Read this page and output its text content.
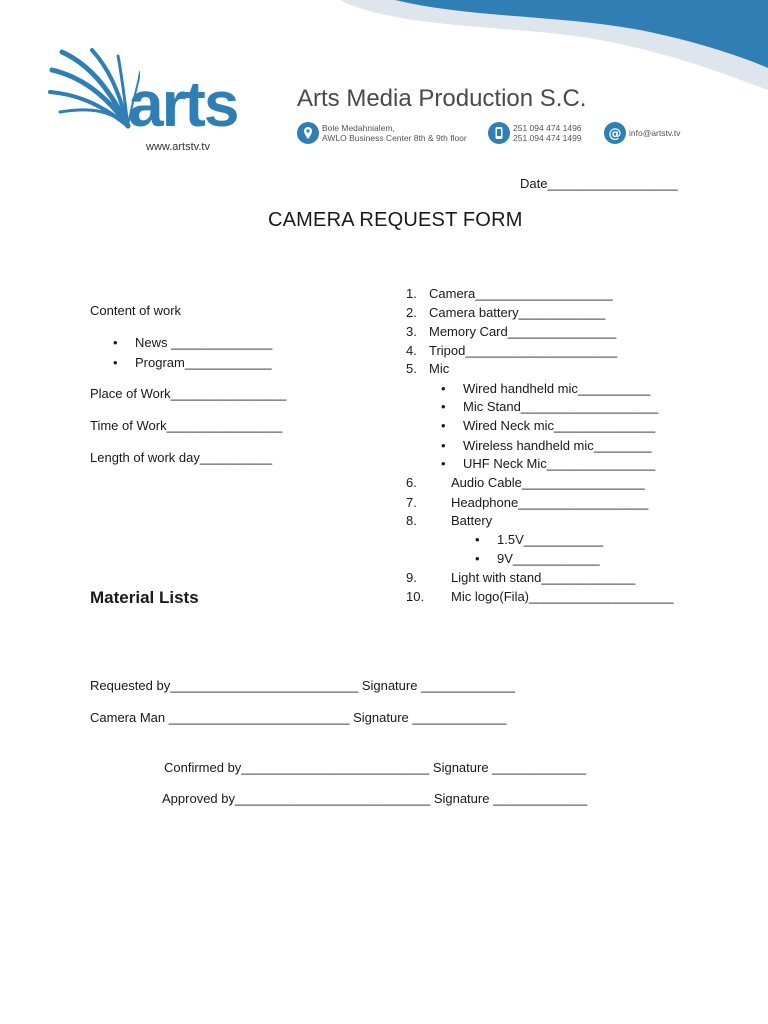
arts
www.artstv.tv
Arts Media Production S.C.
Bole Medahnialem,
AWLO Business Center 8th & 9th floor
251 094 474 1496
251 094 474 1499 @ info@artstv.tv
Date__________________
CAMERA REQUEST FORM
Content of work
• News ______________
• Program____________
Place of Work________________
Time of Work________________
Length of work day__________
Material Lists
1. Camera___________________
2. Camera battery____________
3. Memory Card_______________
4. Tripod_____________________
5. Mic
• Wired handheld mic__________
• Mic Stand___________________
• Wired Neck mic______________
• Wireless handheld mic________
• UHF Neck Mic_______________
6.	Audio Cable_________________
7.	Headphone__________________
8.	Battery
• 1.5V___________
• 9V____________
9.	Light with stand_____________
10. Mic logo(Fila)____________________
Requested by__________________________ Signature _____________
Camera Man _________________________ Signature _____________
Confirmed by__________________________ Signature _____________
Approved by___________________________ Signature _____________
